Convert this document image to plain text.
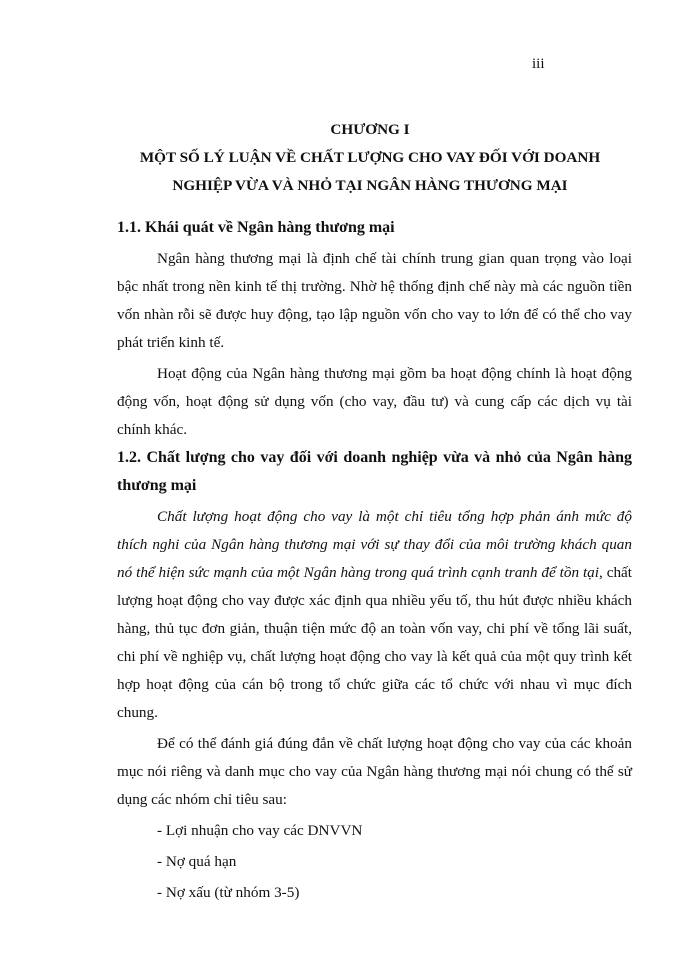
iii
CHƯƠNG I
MỘT SỐ LÝ LUẬN VỀ CHẤT LƯỢNG CHO VAY ĐỐI VỚI DOANH
NGHIỆP VỪA VÀ NHỎ TẠI NGÂN HÀNG THƯƠNG MẠI

1.1. Khái quát về Ngân hàng thương mại

Ngân hàng thương mại là định chế tài chính trung gian quan trọng vào loại bậc nhất trong nền kinh tế thị trường. Nhờ hệ thống định chế này mà các nguồn tiền vốn nhàn rỗi sẽ được huy động, tạo lập nguồn vốn cho vay to lớn để có thể cho vay phát triển kinh tế.

Hoạt động của Ngân hàng thương mại gồm ba hoạt động chính là hoạt động động vốn, hoạt động sử dụng vốn (cho vay, đầu tư) và cung cấp các dịch vụ tài chính khác.

1.2. Chất lượng cho vay đối với doanh nghiệp vừa và nhỏ của Ngân hàng thương mại

Chất lượng hoạt động cho vay là một chỉ tiêu tổng hợp phản ánh mức độ thích nghi của Ngân hàng thương mại với sự thay đổi của môi trường khách quan nó thể hiện sức mạnh của một Ngân hàng trong quá trình cạnh tranh để tồn tại, chất lượng hoạt động cho vay được xác định qua nhiều yếu tố, thu hút được nhiều khách hàng, thủ tục đơn giản, thuận tiện mức độ an toàn vốn vay, chi phí về tổng lãi suất, chi phí về nghiệp vụ, chất lượng hoạt động cho vay là kết quả của một quy trình kết hợp hoạt động của cán bộ trong tổ chức giữa các tổ chức với nhau vì mục đích chung.

Để có thể đánh giá đúng đắn về chất lượng hoạt động cho vay của các khoản mục nói riêng và danh mục cho vay của Ngân hàng thương mại nói chung có thể sử dụng các nhóm chỉ tiêu sau:

- Lợi nhuận cho vay các DNVVN

- Nợ quá hạn

- Nợ xấu (từ nhóm 3-5)
